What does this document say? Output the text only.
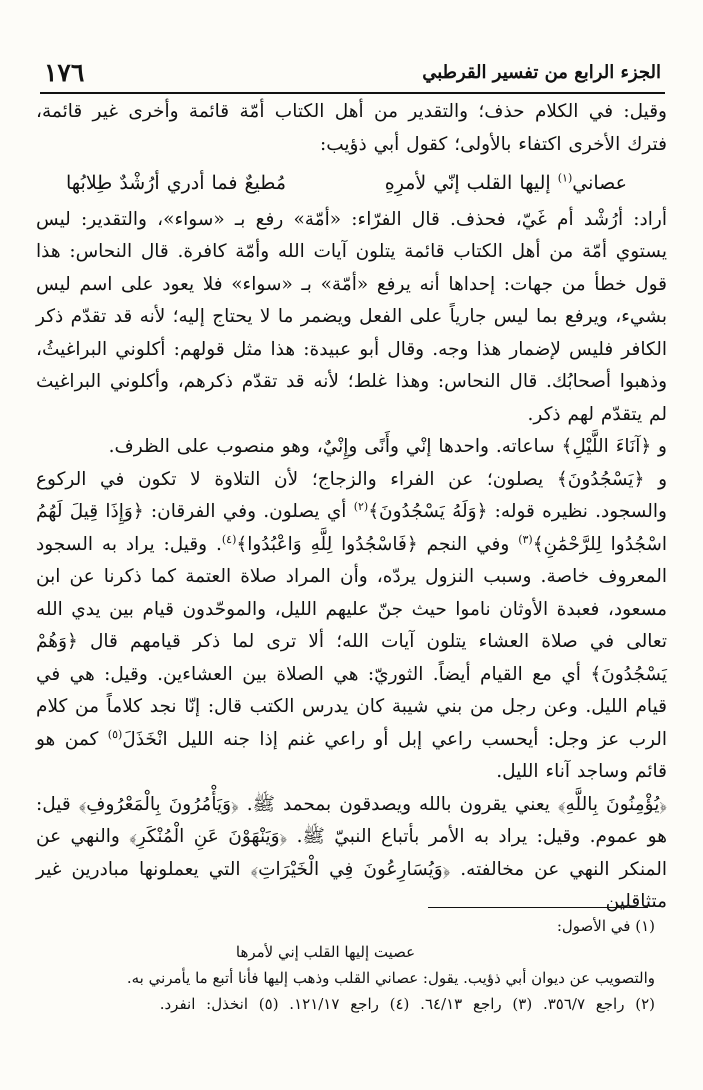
١٧٦	الجزء الرابع من تفسير القرطبي

وقيل: في الكلام حذف؛ والتقدير من أهل الكتاب أمّة قائمة وأخرى غير قائمة، فترك الأخرى اكتفاء بالأولى؛ كقول أبي ذؤيب:

عصاني$^{(١)}$ إليها القلب إنّي لأمرِهِ
مُطيعٌ فما أدري أرُشْدٌ طِلابُها

أراد: أرُشْد أم غَيّ، فحذف. قال الفرّاء: «أمّة» رفع بـ «سواء»، والتقدير: ليس يستوي أمّة من أهل الكتاب قائمة يتلون آيات الله وأمّة كافرة. قال النحاس: هذا قول خطأ من جهات: إحداها أنه يرفع «أمّة» بـ «سواء» فلا يعود على اسم ليس بشيء، ويرفع بما ليس جارياً على الفعل ويضمر ما لا يحتاج إليه؛ لأنه قد تقدّم ذكر الكافر فليس لإضمار هذا وجه. وقال أبو عبيدة: هذا مثل قولهم: أكلوني البراغيثُ، وذهبوا أصحابُك. قال النحاس: وهذا غلط؛ لأنه قد تقدّم ذكرهم، وأكلوني البراغيث لم يتقدّم لهم ذكر.

و ﴿آنَاءَ اللَّيْلِ﴾ ساعاته. واحدها إنْي وأَنًى وإِنْيٌ، وهو منصوب على الظرف.

و ﴿يَسْجُدُونَ﴾ يصلون؛ عن الفراء والزجاج؛ لأن التلاوة لا تكون في الركوع والسجود. نظيره قوله: ﴿وَلَهُ يَسْجُدُونَ﴾$^{(٢)}$ أي يصلون. وفي الفرقان: ﴿وَإِذَا قِيلَ لَهُمُ اسْجُدُوا لِلرَّحْمَٰنِ﴾$^{(٣)}$ وفي النجم ﴿فَاسْجُدُوا لِلَّهِ وَاعْبُدُوا﴾$^{(٤)}$. وقيل: يراد به السجود المعروف خاصة. وسبب النزول يردّه، وأن المراد صلاة العتمة كما ذكرنا عن ابن مسعود، فعبدة الأوثان ناموا حيث جنّ عليهم الليل، والموحّدون قيام بين يدي الله تعالى في صلاة العشاء يتلون آيات الله؛ ألا ترى لما ذكر قيامهم قال ﴿وَهُمْ يَسْجُدُونَ﴾ أي مع القيام أيضاً. الثوريّ: هي الصلاة بين العشاءين. وقيل: هي في قيام الليل. وعن رجل من بني شيبة كان يدرس الكتب قال: إنّا نجد كلاماً من كلام الرب عز وجل: أيحسب راعي إبل أو راعي غنم إذا جنه الليل انْخَذَلَ$^{(٥)}$ كمن هو قائم وساجد آناء الليل.

﴿يُؤْمِنُونَ بِاللَّهِ﴾ يعني يقرون بالله ويصدقون بمحمد ﷺ. ﴿وَيَأْمُرُونَ بِالْمَعْرُوفِ﴾ قيل: هو عموم. وقيل: يراد به الأمر بأتباع النبيّ ﷺ. ﴿وَيَنْهَوْنَ عَنِ الْمُنْكَرِ﴾ والنهي عن المنكر النهي عن مخالفته. ﴿وَيُسَارِعُونَ فِي الْخَيْرَاتِ﴾ التي يعملونها مبادرين غير متثاقلين

(١) في الأصول:

عصيت إليها القلب إني لأمرها

والتصويب عن ديوان أبي ذؤيب. يقول: عصاني القلب وذهب إليها فأنا أتبع ما يأمرني به.

(٢) راجع ٣٥٦/٧. (٣) راجع ٦٤/١٣. (٤) راجع ١٢١/١٧. (٥) انخذل: انفرد.
